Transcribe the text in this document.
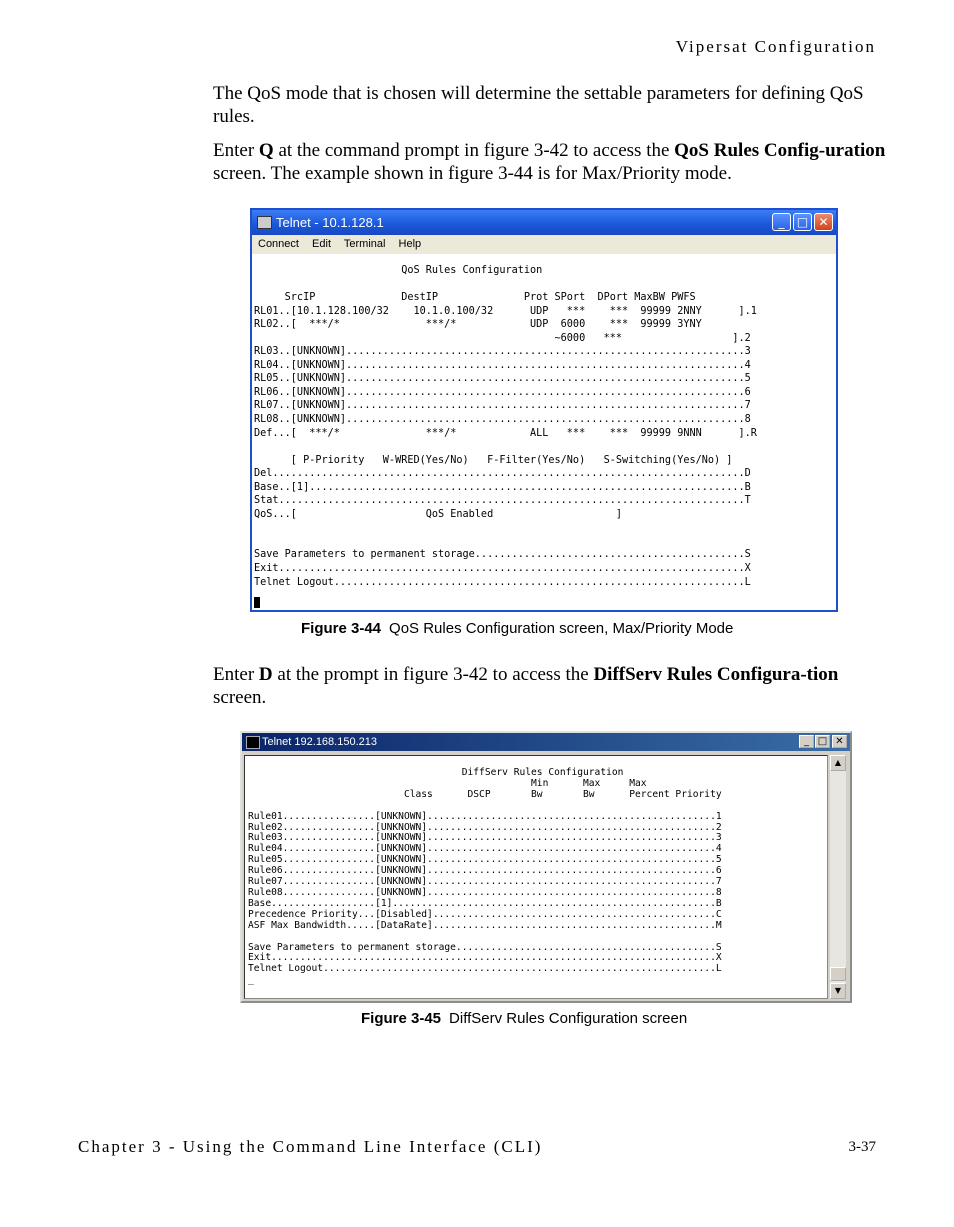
Vipersat Configuration
The QoS mode that is chosen will determine the settable parameters for defining QoS rules.
Enter Q at the command prompt in figure 3-42 to access the QoS Rules Config-uration screen. The example shown in figure 3-44 is for Max/Priority mode.
Telnet - 10.1.128.1	_	□ ✕
Connect Edit Terminal Help
QoS Rules Configuration

SrcIP              DestIP              Prot SPort  DPort MaxBW PWFS
RL01..[10.1.128.100/32    10.1.0.100/32      UDP   ***    ***  99999 2NNY      ].1
RL02..[  ***/*              ***/*            UDP  6000    ***  99999 3YNY
~6000   ***                  ].2
RL03..[UNKNOWN].................................................................3
RL04..[UNKNOWN].................................................................4
RL05..[UNKNOWN].................................................................5
RL06..[UNKNOWN].................................................................6
RL07..[UNKNOWN].................................................................7
RL08..[UNKNOWN].................................................................8
Def...[  ***/*              ***/*            ALL   ***    ***  99999 9NNN      ].R

[ P-Priority   W-WRED(Yes/No)   F-Filter(Yes/No)   S-Switching(Yes/No) ]
Del.............................................................................D
Base..[1].......................................................................B
Stat............................................................................T
QoS...[                     QoS Enabled                    ]

Save Parameters to permanent storage............................................S
Exit............................................................................X
Telnet Logout...................................................................L
Figure 3-44 QoS Rules Configuration screen, Max/Priority Mode
Enter D at the prompt in figure 3-42 to access the DiffServ Rules Configura-tion screen.
Telnet 192.168.150.213	_ □ ✕
DiffServ Rules Configuration
Min      Max     Max
Class      DSCP       Bw       Bw      Percent Priority

Rule01................[UNKNOWN]..................................................1
Rule02................[UNKNOWN]..................................................2
Rule03................[UNKNOWN]..................................................3
Rule04................[UNKNOWN]..................................................4
Rule05................[UNKNOWN]..................................................5
Rule06................[UNKNOWN]..................................................6
Rule07................[UNKNOWN]..................................................7
Rule08................[UNKNOWN]..................................................8
Base..................[1]........................................................B
Precedence Priority...[Disabled].................................................C
ASF Max Bandwidth.....[DataRate].................................................M

Save Parameters to permanent storage.............................................S
Exit.............................................................................X
Telnet Logout....................................................................L
_
▲
▼
Figure 3-45 DiffServ Rules Configuration screen
Chapter 3 - Using the Command Line Interface (CLI)	3-37
